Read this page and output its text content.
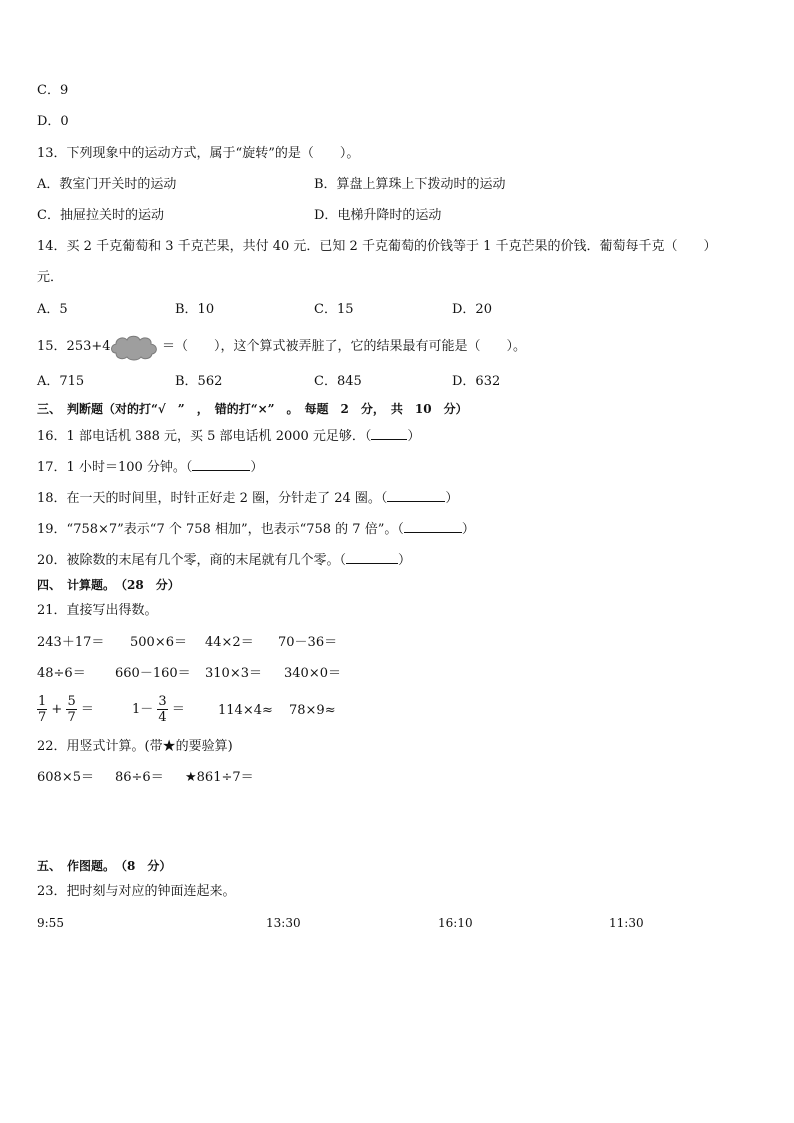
C．9
D．0
13．下列现象中的运动方式，属于“旋转”的是（　　）。
A．教室门开关时的运动	B．算盘上算珠上下拨动时的运动
C．抽屉拉关时的运动	D．电梯升降时的运动
14．买 2 千克葡萄和 3 千克芒果，共付 40 元．已知 2 千克葡萄的价钱等于 1 千克芒果的价钱．葡萄每千克（　　）
元．
A．5	B．10	C．15	D．20
15．253+4	＝（　　），这个算式被弄脏了，它的结果最有可能是（　　）。
A．715	B．562	C．845	D．632
三、　判断题（对的打“√　”　，　错的打“×”　。　每题　2　分，　共　10　分）
16．1 部电话机 388 元，买 5 部电话机 2000 元足够．（	）
17．1 小时＝100 分钟。（	）
18．在一天的时间里，时针正好走 2 圈，分针走了 24 圈。（	）
19．“758×7”表示“7 个 758 相加”，也表示“758 的 7 倍”。（	）
20．被除数的末尾有几个零，商的末尾就有几个零。（	）
四、　计算题。　（28　分）
21．直接写出得数。
243＋17＝ 500×6＝ 44×2＝ 70－36＝
48÷6＝ 660－160＝ 310×3＝ 340×0＝
$\frac{1}{7} + \frac{5}{7}$ ＝	$1- \frac{3}{4}$ ＝	114×4≈ 78×9≈
22．用竖式计算。(带★的要验算)
608×5＝ 86÷6＝ ★861÷7＝
五、　作图题。　（8　分）
23．把时刻与对应的钟面连起来。
9:55	13:30	16:10	11:30
